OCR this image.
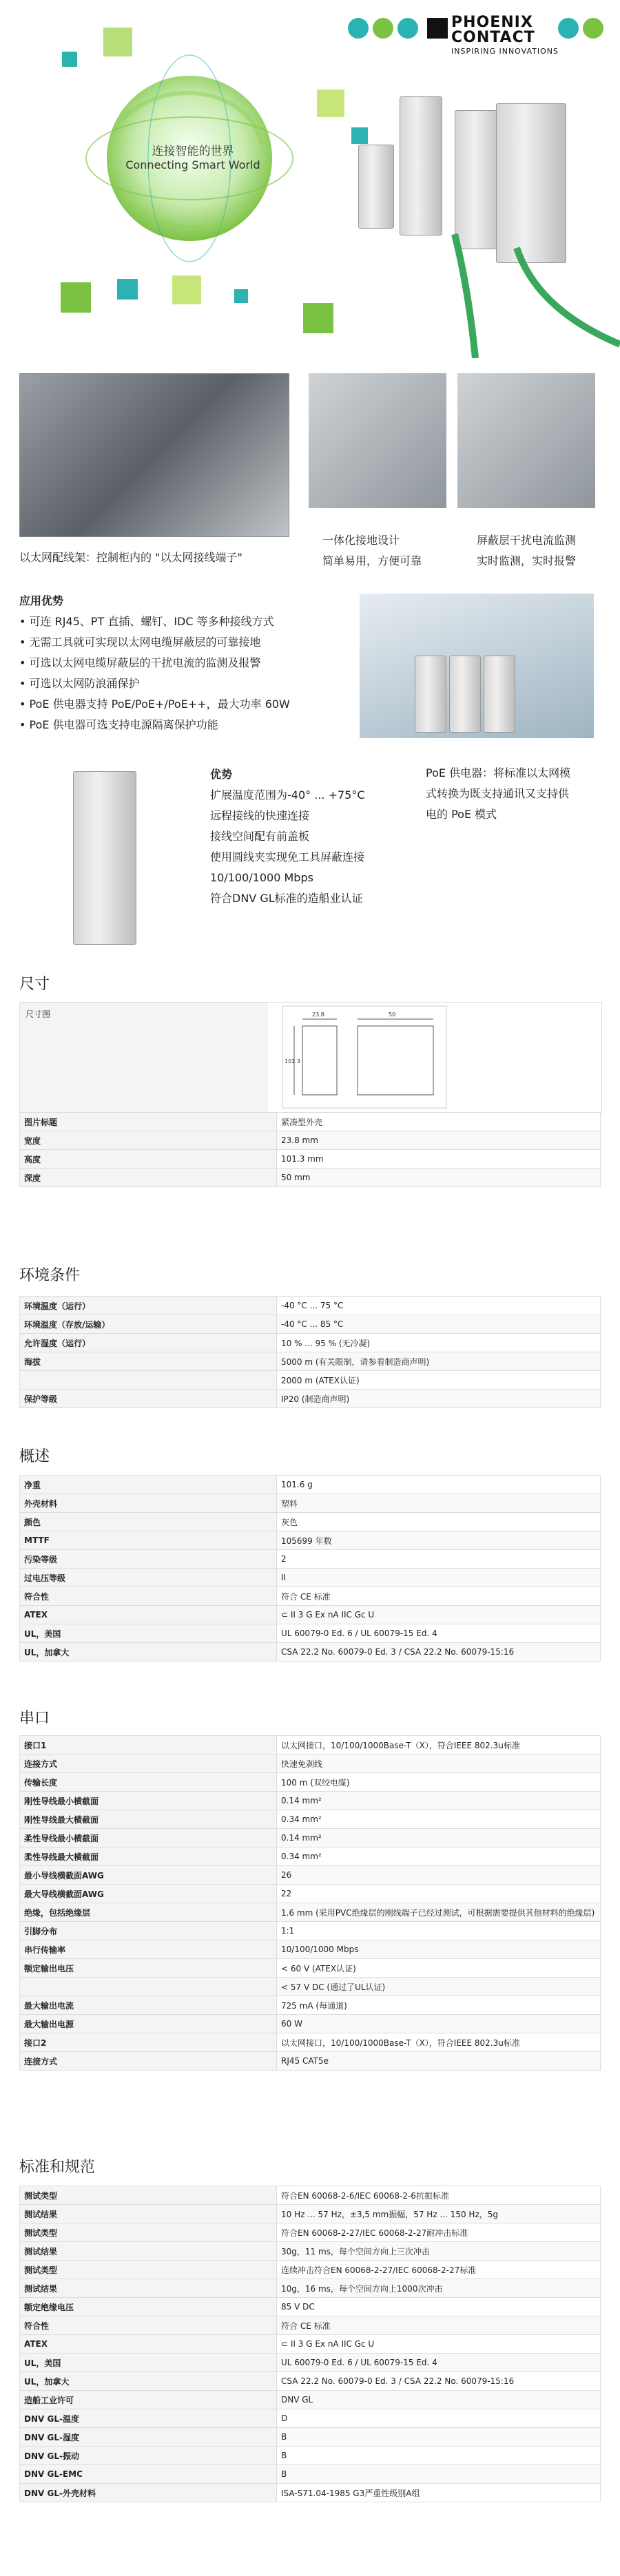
连接智能的世界
Connecting Smart World
PHOENIX
CONTACT
INSPIRING INNOVATIONS
以太网配线架：控制柜内的 "以太网接线端子"
一体化接地设计
简单易用，方便可靠
屏蔽层干扰电流监测
实时监测，实时报警
应用优势
• 可连 RJ45、PT 直插、螺钉、IDC 等多种接线方式
• 无需工具就可实现以太网电缆屏蔽层的可靠接地
• 可选以太网电缆屏蔽层的干扰电流的监测及报警
• 可选以太网防浪涌保护
• PoE 供电器支持 PoE/PoE+/PoE++，最大功率 60W
• PoE 供电器可选支持电源隔离保护功能
优势
扩展温度范围为-40° ... +75°C
远程接线的快速连接
接线空间配有前盖板
使用圆线夹实现免工具屏蔽连接
10/100/1000 Mbps
符合DNV GL标准的造船业认证
PoE 供电器：将标准以太网模
式转换为既支持通讯又支持供
电的 PoE 模式
尺寸
尺寸图	23.8	50
101.3
图片标题	紧凑型外壳
宽度	23.8 mm
高度	101.3 mm
深度	50 mm
环境条件
环境温度（运行）	-40 °C ... 75 °C
环境温度（存放/运输）	-40 °C ... 85 °C
允许湿度（运行）	10 % ... 95 % (无冷凝)
海拔	5000 m (有关限制，请参看制造商声明)
	2000 m (ATEX认证)
保护等级	IP20 (制造商声明)
概述
净重	101.6 g
外壳材料	塑料
颜色	灰色
MTTF	105699 年数
污染等级	2
过电压等级	II
符合性	符合 CE 标准
ATEX	⊂ II 3 G Ex nA IIC Gc U
UL，美国	UL 60079-0 Ed. 6 / UL 60079-15 Ed. 4
UL，加拿大	CSA 22.2 No. 60079-0 Ed. 3 / CSA 22.2 No. 60079-15:16
串口
接口1	以太网接口，10/100/1000Base-T（X），符合IEEE 802.3u标准
连接方式	快速免剥线
传输长度	100 m (双绞电缆)
刚性导线最小横截面	0.14 mm²
刚性导线最大横截面	0.34 mm²
柔性导线最小横截面	0.14 mm²
柔性导线最大横截面	0.34 mm²
最小导线横截面AWG	26
最大导线横截面AWG	22
绝缘，包括绝缘层	1.6 mm (采用PVC绝缘层的刚线端子已经过测试，可根据需要提供其他材料的绝缘层)
引脚分布	1:1
串行传输率	10/100/1000 Mbps
额定输出电压	< 60 V (ATEX认证)
	< 57 V DC (通过了UL认证)
最大输出电流	725 mA (每通道)
最大输出电源	60 W
接口2	以太网接口，10/100/1000Base-T（X），符合IEEE 802.3u标准
连接方式	RJ45 CAT5e
标准和规范
测试类型	符合EN 60068-2-6/IEC 60068-2-6抗振标准
测试结果	10 Hz ... 57 Hz，±3,5 mm振幅，57 Hz ... 150 Hz，5g
测试类型	符合EN 60068-2-27/IEC 60068-2-27耐冲击标准
测试结果	30g，11 ms，每个空间方向上三次冲击
测试类型	连续冲击符合EN 60068-2-27/IEC 60068-2-27标准
测试结果	10g，16 ms，每个空间方向上1000次冲击
额定绝缘电压	85 V DC
符合性	符合 CE 标准
ATEX	⊂ II 3 G Ex nA IIC Gc U
UL，美国	UL 60079-0 Ed. 6 / UL 60079-15 Ed. 4
UL，加拿大	CSA 22.2 No. 60079-0 Ed. 3 / CSA 22.2 No. 60079-15:16
造船工业许可	DNV GL
DNV GL-温度	D
DNV GL-湿度	B
DNV GL-振动	B
DNV GL-EMC	B
DNV GL-外壳材料	ISA-S71.04-1985 G3严重性级别A组
